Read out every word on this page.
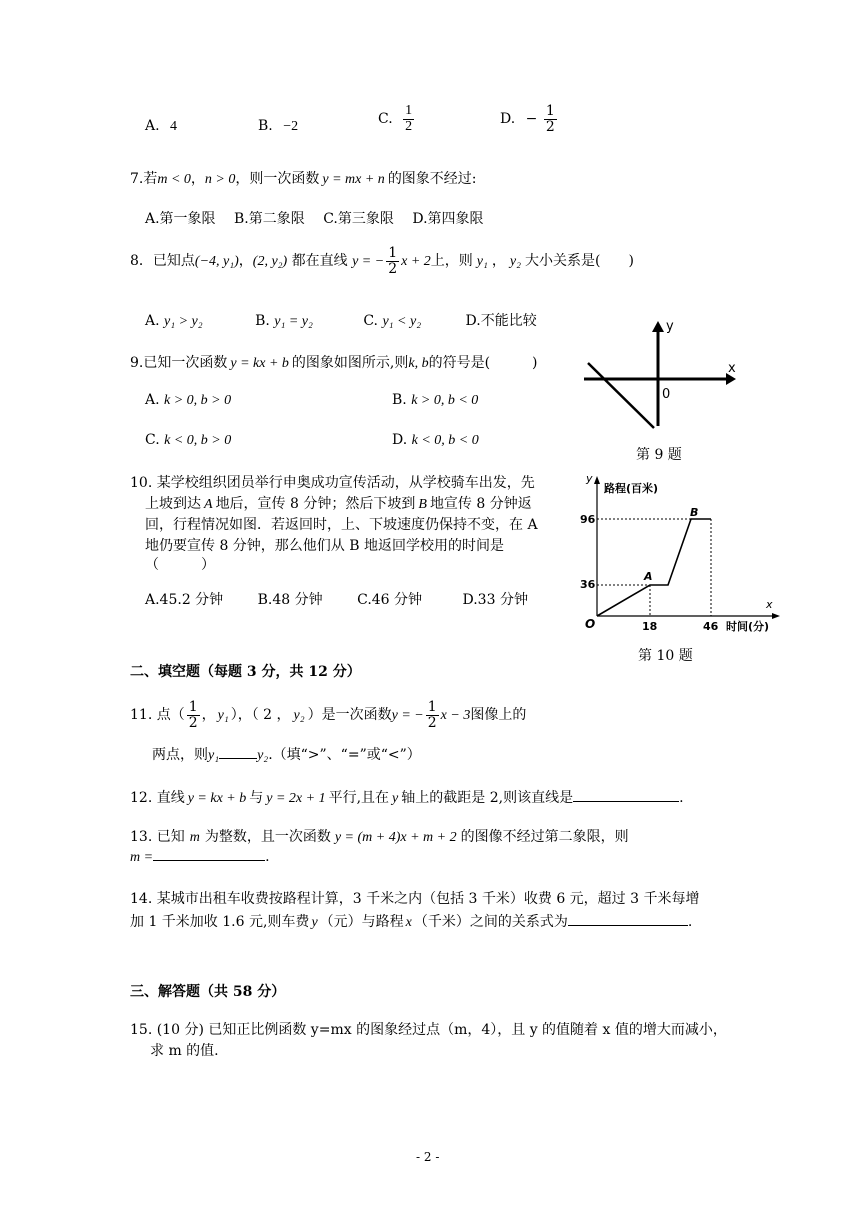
A. 4	B. −2	C. $\frac{1}{2}$	D. − $\frac{1}{2}$
7.若m < 0，n > 0，则一次函数 y = mx + n 的图象不经过:
A.第一象限 B.第二象限 C.第三象限 D.第四象限
8．已知点(−4, y₁)，(2, y₂) 都在直线 y = − $\frac{1}{2}$ x + 2上，则 y₁ ， y₂ 大小关系是(　　)
A. y₁ > y₂	B. y₁ = y₂	C. y₁ < y₂	D.不能比较
9.已知一次函数 y = kx + b 的图象如图所示,则k, b的符号是(　　　)
A. k > 0, b > 0	B. k > 0, b < 0
C. k < 0, b > 0	D. k < 0, b < 0
y
x
0
第 9 题
10. 某学校组织团员举行申奥成功宣传活动，从学校骑车出发，先
上坡到达 A 地后，宣传 8 分钟；然后下坡到 B 地宣传 8 分钟返
回，行程情况如图．若返回时，上、下坡速度仍保持不变，在 A
地仍要宣传 8 分钟，那么他们从 B 地返回学校用的时间是
（　　　）
A.45.2 分钟 B.48 分钟 C.46 分钟	D.33 分钟
y
路程(百米)
x
96
36
A
B
O	18	46 时间(分)
第 10 题
二、填空题（每题 3 分，共 12 分）
11. 点（ $\frac{1}{2}$ ， y₁ ），（ 2 ， y₂ ）是一次函数y = − $\frac{1}{2}$ x − 3图像上的
两点，则y₁	y₂.（填“>”、“=”或“<”）
12. 直线 y = kx + b 与 y = 2x + 1 平行,且在 y 轴上的截距是 2,则该直线是	.
13. 已知 m 为整数，且一次函数 y = (m + 4)x + m + 2 的图像不经过第二象限，则
m =	.
14. 某城市出租车收费按路程计算，3 千米之内（包括 3 千米）收费 6 元，超过 3 千米每增
加 1 千米加收 1.6 元,则车费 y （元）与路程 x （千米）之间的关系式为	.
三、解答题（共 58 分）
15. (10 分) 已知正比例函数 y=mx 的图象经过点（m，4），且 y 的值随着 x 值的增大而减小，
求 m 的值.
- 2 -
